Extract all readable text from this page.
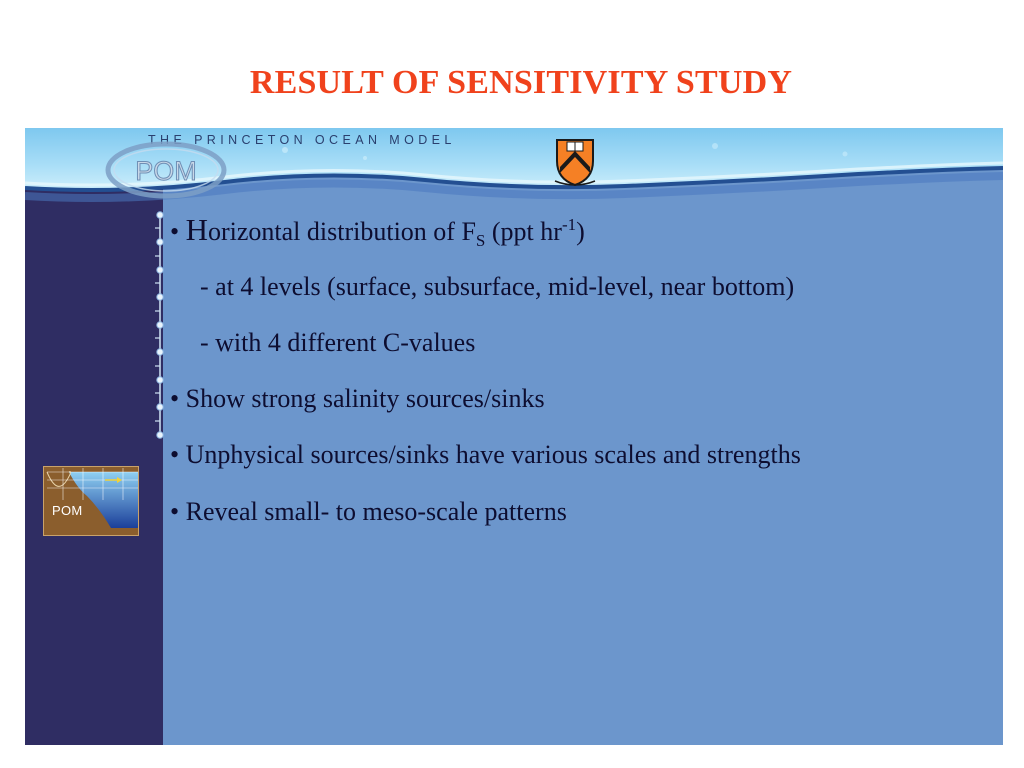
RESULT OF SENSITIVITY STUDY
THE PRINCETON OCEAN MODEL
POM
POM
• Horizontal distribution of $F_S$ (ppt $hr^{-1}$)
- at 4 levels (surface, subsurface, mid-level, near bottom)
- with 4 different C-values
• Show strong salinity sources/sinks
• Unphysical sources/sinks have various scales and strengths
• Reveal small- to meso-scale patterns
